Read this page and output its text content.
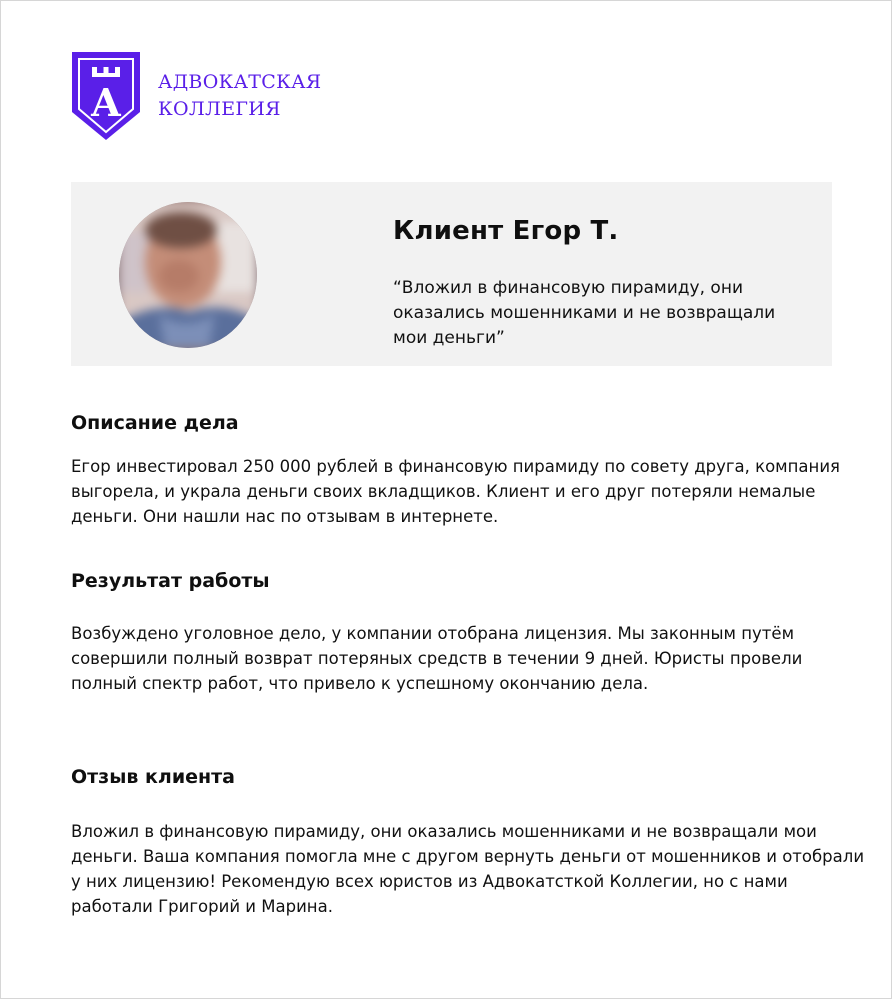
А АДВОКАТСКАЯ
КОЛЛЕГИЯ
Клиент Егор Т.
“Вложил в финансовую пирамиду, они оказались мошенниками и не возвращали мои деньги”
Описание дела
Егор инвестировал 250 000 рублей в финансовую пирамиду по совету друга, компания выгорела, и украла деньги своих вкладщиков. Клиент и его друг потеряли немалые деньги. Они нашли нас по отзывам в интернете.
Результат работы
Возбуждено уголовное дело, у компании отобрана лицензия. Мы законным путём совершили полный возврат потеряных средств в течении 9 дней. Юристы провели полный спектр работ, что привело к успешному окончанию дела.
Отзыв клиента
Вложил в финансовую пирамиду, они оказались мошенниками и не возвращали мои деньги. Ваша компания помогла мне с другом вернуть деньги от мошенников и отобрали у них лицензию! Рекомендую всех юристов из Адвокатсткой Коллегии, но с нами работали Григорий и Марина.
